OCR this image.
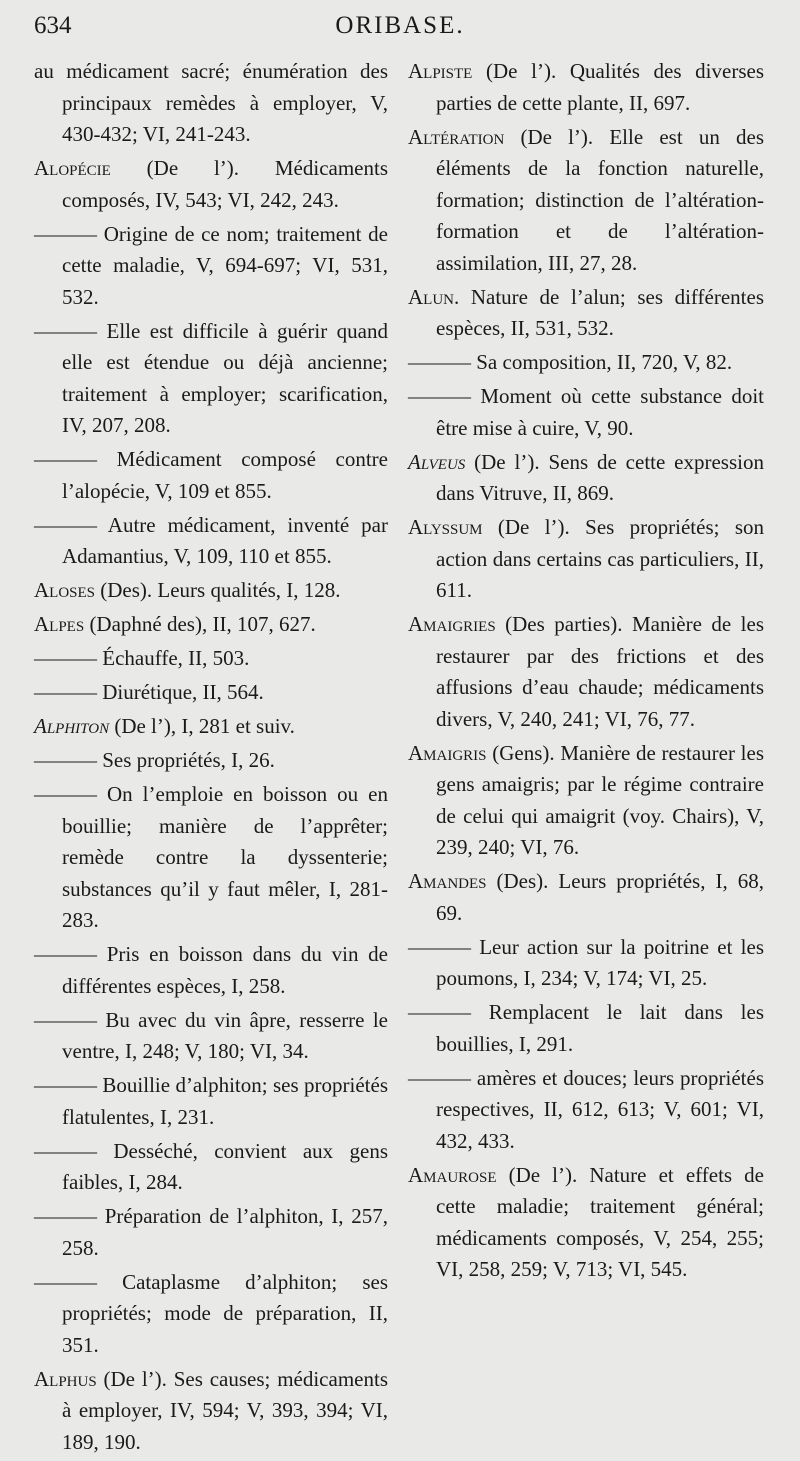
634	ORIBASE.

au médicament sacré; énumération des principaux remèdes à employer, V, 430-432; VI, 241-243.

Alopécie (De l’). Médicaments composés, IV, 543; VI, 242, 243.

——— Origine de ce nom; traitement de cette maladie, V, 694-697; VI, 531, 532.

——— Elle est difficile à guérir quand elle est étendue ou déjà ancienne; traitement à employer; scarification, IV, 207, 208.

——— Médicament composé contre l’alopécie, V, 109 et 855.

——— Autre médicament, inventé par Adamantius, V, 109, 110 et 855.

Aloses (Des). Leurs qualités, I, 128.

Alpes (Daphné des), II, 107, 627.

——— Échauffe, II, 503.

——— Diurétique, II, 564.

Alphiton (De l’), I, 281 et suiv.

——— Ses propriétés, I, 26.

——— On l’emploie en boisson ou en bouillie; manière de l’apprêter; remède contre la dyssenterie; substances qu’il y faut mêler, I, 281-283.

——— Pris en boisson dans du vin de différentes espèces, I, 258.

——— Bu avec du vin âpre, resserre le ventre, I, 248; V, 180; VI, 34.

——— Bouillie d’alphiton; ses propriétés flatulentes, I, 231.

——— Desséché, convient aux gens faibles, I, 284.

——— Préparation de l’alphiton, I, 257, 258.

——— Cataplasme d’alphiton; ses propriétés; mode de préparation, II, 351.

Alphus (De l’). Ses causes; médicaments à employer, IV, 594; V, 393, 394; VI, 189, 190.

Alpiste (De l’). Qualités des diverses parties de cette plante, II, 697.

Altération (De l’). Elle est un des éléments de la fonction naturelle, formation; distinction de l’altération-formation et de l’altération-assimilation, III, 27, 28.

Alun. Nature de l’alun; ses différentes espèces, II, 531, 532.

——— Sa composition, II, 720, V, 82.

——— Moment où cette substance doit être mise à cuire, V, 90.

Alveus (De l’). Sens de cette expression dans Vitruve, II, 869.

Alyssum (De l’). Ses propriétés; son action dans certains cas particuliers, II, 611.

Amaigries (Des parties). Manière de les restaurer par des frictions et des affusions d’eau chaude; médicaments divers, V, 240, 241; VI, 76, 77.

Amaigris (Gens). Manière de restaurer les gens amaigris; par le régime contraire de celui qui amaigrit (voy. Chairs), V, 239, 240; VI, 76.

Amandes (Des). Leurs propriétés, I, 68, 69.

——— Leur action sur la poitrine et les poumons, I, 234; V, 174; VI, 25.

——— Remplacent le lait dans les bouillies, I, 291.

——— amères et douces; leurs propriétés respectives, II, 612, 613; V, 601; VI, 432, 433.

Amaurose (De l’). Nature et effets de cette maladie; traitement général; médicaments composés, V, 254, 255; VI, 258, 259; V, 713; VI, 545.
